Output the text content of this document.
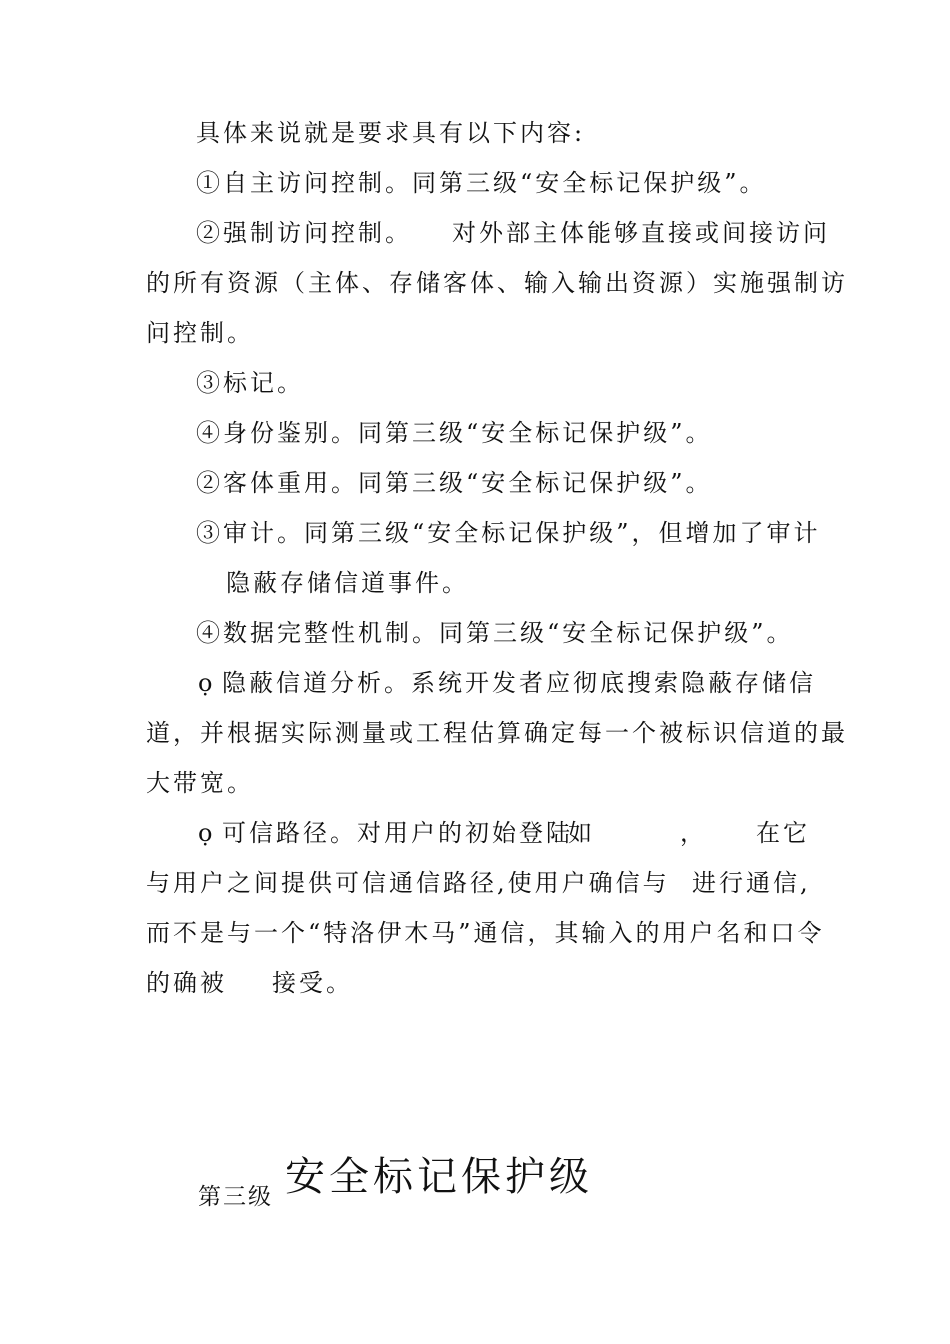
具体来说就是要求具有以下内容:
①自主访问控制。同第三级“安全标记保护级”。
②强制访问控制。 对外部主体能够直接或间接访问
的所有资源（主体、存储客体、输入输出资源）实施强制访
问控制。
③标记。
④身份鉴别。同第三级“安全标记保护级”。
②客体重用。同第三级“安全标记保护级”。
③审计。同第三级“安全标记保护级”，但增加了审计
隐蔽存储信道事件。
④数据完整性机制。同第三级“安全标记保护级”。
ọ 隐蔽信道分析。系统开发者应彻底搜索隐蔽存储信
道，并根据实际测量或工程估算确定每一个被标识信道的最
大带宽。
ọ 可信路径。对用户的初始登陆
如	， 在它
与用户之间提供可信通信路径,使用户确信与 进行通信,
而不是与一个“特洛伊木马”通信，其输入的用户名和口令
的确被 接受。
第三级 安全标记保护级
